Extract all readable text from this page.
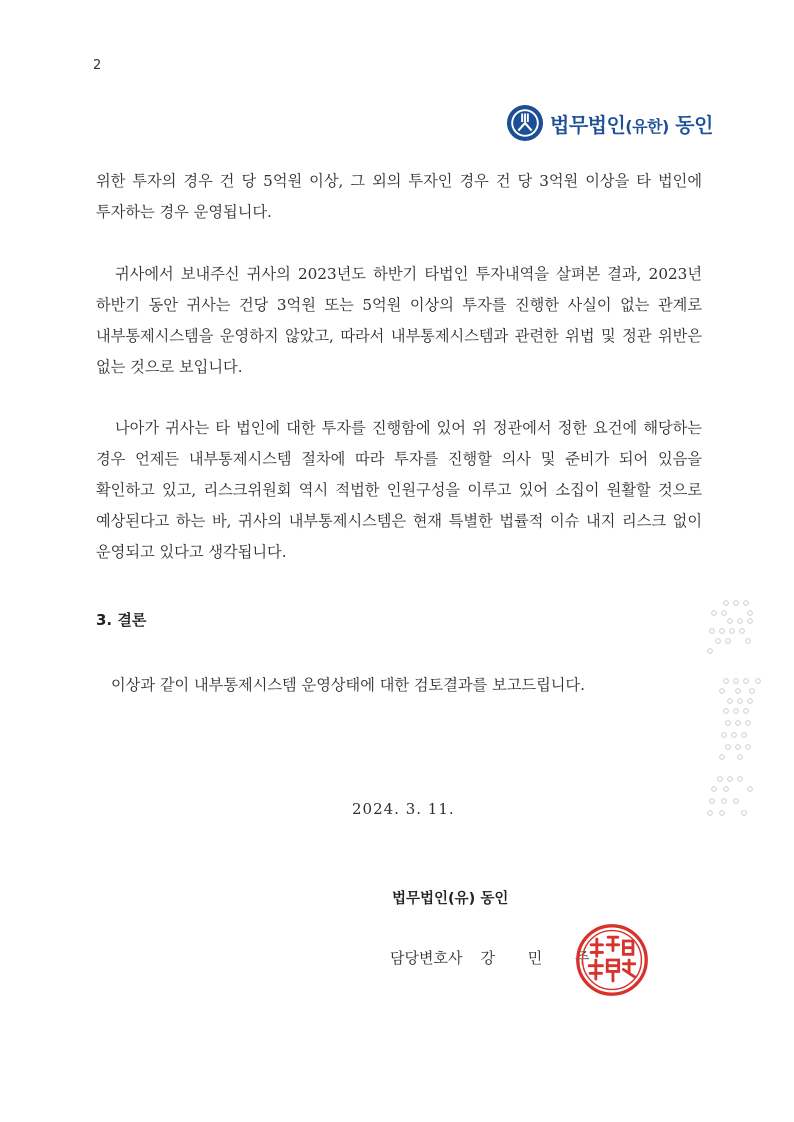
2
법무법인(유한) 동인
위한 투자의 경우 건 당 5억원 이상, 그 외의 투자인 경우 건 당 3억원 이상을 타 법인에 투자하는 경우 운영됩니다.
귀사에서 보내주신 귀사의 2023년도 하반기 타법인 투자내역을 살펴본 결과, 2023년 하반기 동안 귀사는 건당 3억원 또는 5억원 이상의 투자를 진행한 사실이 없는 관계로 내부통제시스템을 운영하지 않았고, 따라서 내부통제시스템과 관련한 위법 및 정관 위반은 없는 것으로 보입니다.
나아가 귀사는 타 법인에 대한 투자를 진행함에 있어 위 정관에서 정한 요건에 해당하는 경우 언제든 내부통제시스템 절차에 따라 투자를 진행할 의사 및 준비가 되어 있음을 확인하고 있고, 리스크위원회 역시 적법한 인원구성을 이루고 있어 소집이 원활할 것으로 예상된다고 하는 바, 귀사의 내부통제시스템은 현재 특별한 법률적 이슈 내지 리스크 없이 운영되고 있다고 생각됩니다.
3. 결론
이상과 같이 내부통제시스템 운영상태에 대한 검토결과를 보고드립니다.
2024. 3. 11.
법무법인(유) 동인
담당변호사 강 민 주
